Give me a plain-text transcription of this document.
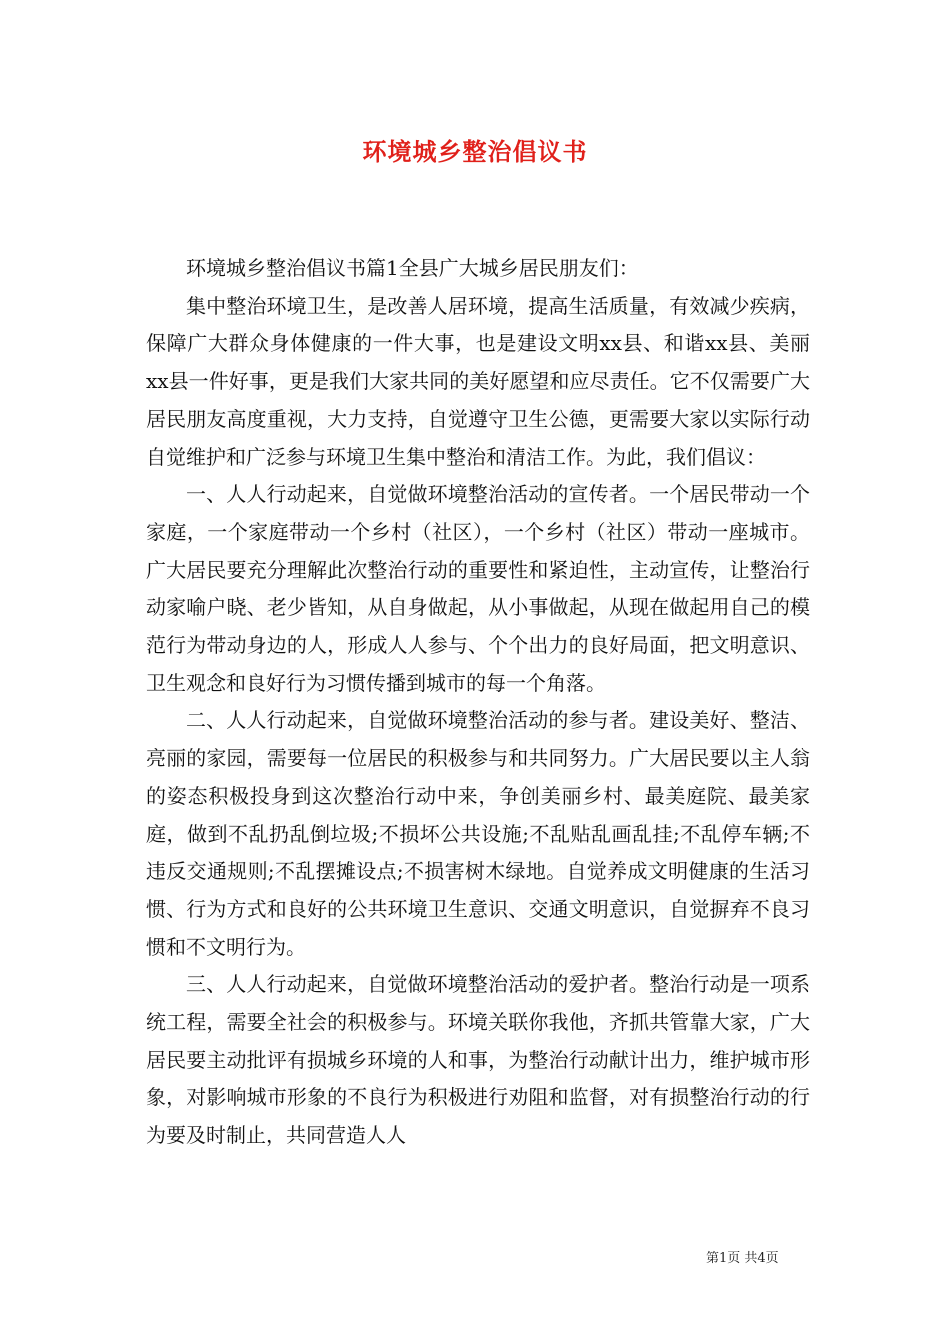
环境城乡整治倡议书

环境城乡整治倡议书篇1全县广大城乡居民朋友们：

集中整治环境卫生，是改善人居环境，提高生活质量，有效减少疾病，保障广大群众身体健康的一件大事，也是建设文明xx县、和谐xx县、美丽xx县一件好事，更是我们大家共同的美好愿望和应尽责任。它不仅需要广大居民朋友高度重视，大力支持，自觉遵守卫生公德，更需要大家以实际行动自觉维护和广泛参与环境卫生集中整治和清洁工作。为此，我们倡议：

一、人人行动起来，自觉做环境整治活动的宣传者。一个居民带动一个家庭，一个家庭带动一个乡村（社区），一个乡村（社区）带动一座城市。广大居民要充分理解此次整治行动的重要性和紧迫性，主动宣传，让整治行动家喻户晓、老少皆知，从自身做起，从小事做起，从现在做起用自己的模范行为带动身边的人，形成人人参与、个个出力的良好局面，把文明意识、卫生观念和良好行为习惯传播到城市的每一个角落。

二、人人行动起来，自觉做环境整治活动的参与者。建设美好、整洁、亮丽的家园，需要每一位居民的积极参与和共同努力。广大居民要以主人翁的姿态积极投身到这次整治行动中来，争创美丽乡村、最美庭院、最美家庭，做到不乱扔乱倒垃圾;不损坏公共设施;不乱贴乱画乱挂;不乱停车辆;不违反交通规则;不乱摆摊设点;不损害树木绿地。自觉养成文明健康的生活习惯、行为方式和良好的公共环境卫生意识、交通文明意识，自觉摒弃不良习惯和不文明行为。

三、人人行动起来，自觉做环境整治活动的爱护者。整治行动是一项系统工程，需要全社会的积极参与。环境关联你我他，齐抓共管靠大家，广大居民要主动批评有损城乡环境的人和事，为整治行动献计出力，维护城市形象，对影响城市形象的不良行为积极进行劝阻和监督，对有损整治行动的行为要及时制止，共同营造人人

第1页 共4页
